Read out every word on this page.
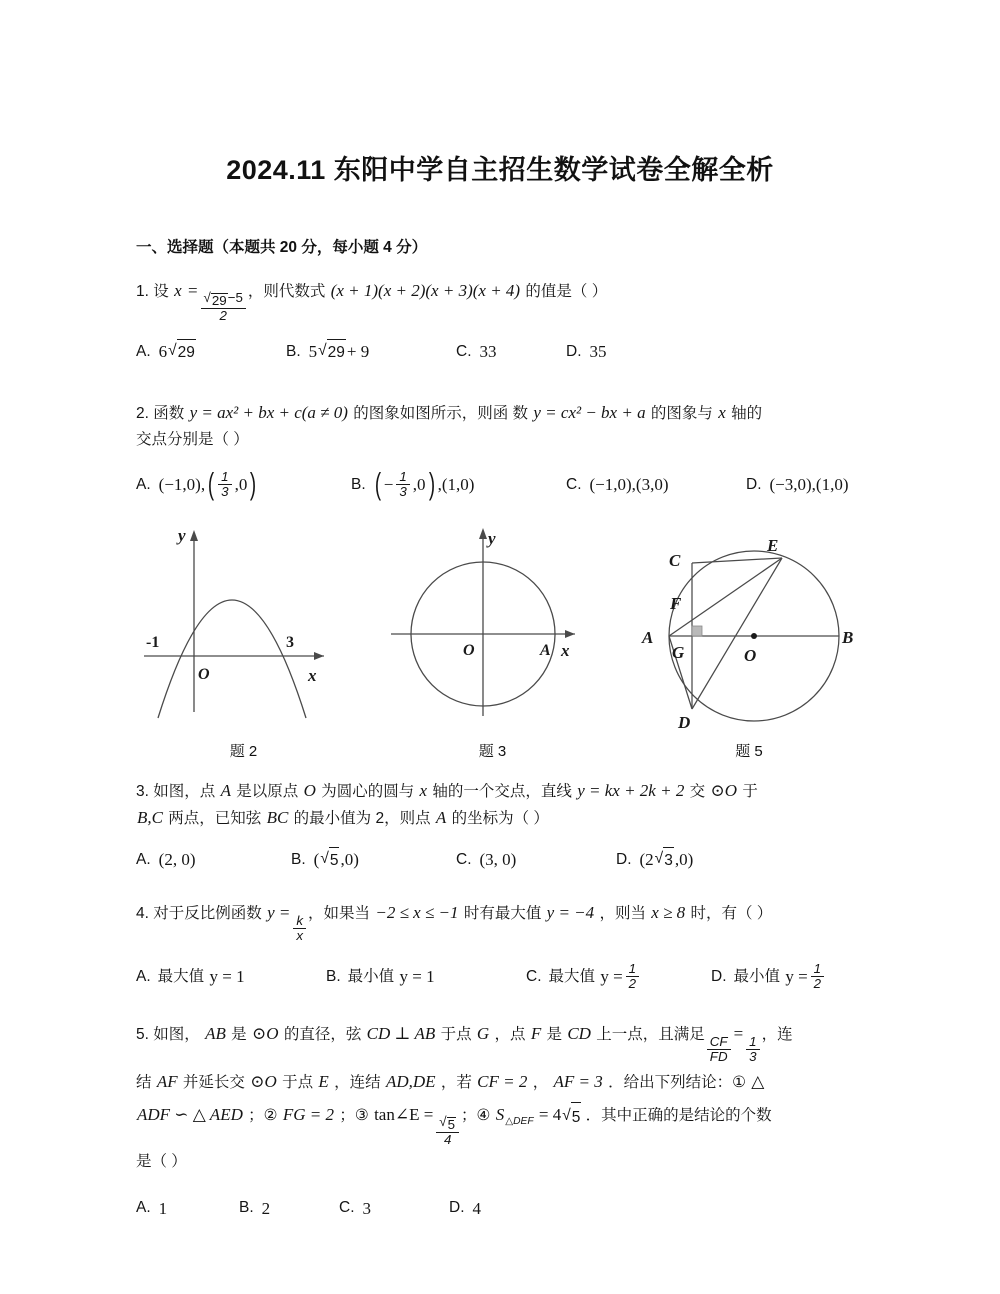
2024.11 东阳中学自主招生数学试卷全解全析
一、选择题（本题共 20 分，每小题 4 分）
1. 设 x =
$\frac{√ 29 -5}{2}$ ，则代数式 (x + 1)(x + 2)(x + 3)(x + 4) 的值是（ ）
A. 6 √ 29	B. 5 √ 29 + 9	C. 33	D. 35
2. 函数 y = ax² + bx + c(a ≠ 0) 的图象如图所示，则函 数 y = cx² − bx + a 的图象与 x 轴的
交点分别是（ ）
A. (−1,0), ( $\frac{1}{3} ,0$ )	B. ( − $\frac{1}{3} ,0$ ) ,(1,0)	C. (−1,0),(3,0)	D. (−3,0),(1,0)
y
x
O
-1	3
题 2
y
x
O	A
题 3
E
C
F
A
G	O
B
D
题 5
3. 如图，点 A 是以原点 O 为圆心的圆与 x 轴的一个交点，直线 y = kx + 2k + 2 交 ⊙O 于
B,C 两点，已知弦 BC 的最小值为 2，则点 A 的坐标为（ ）
A. (2, 0)	B. ( √ 5 ,0)	C. (3, 0)	D. (2 √ 3 ,0)
4. 对于反比例函数 y =
$\frac{k}{x}$ ，如果当 −2 ≤ x ≤ −1 时有最大值 y = −4 ，则当 x ≥ 8 时，有（ ）
A. 最大值
y = 1	B. 最小值
y = 1	C. 最大值
$y = \frac{1}{2}$	D. 最小值
$y = \frac{1}{2}$
5. 如图， AB 是 ⊙O 的直径，弦 CD ⊥ AB 于点 G ，点 F 是 CD 上一点，且满足 $\frac{CF}{FD}$
=
$\frac{1}{3}$ ，连
结 AF 并延长交 ⊙O 于点 E ，连结 AD,DE ，若 CF = 2 ， AF = 3 ．给出下列结论：① △
ADF ∽ △ AED ；② FG = 2 ；③ tan∠E =
$\frac{√ 5}{4}$ ；④ $S_{\triangle DEF} = 4$ √ 5 ．其中正确的是结论的个数
是（ ）
A. 1	B. 2	C. 3	D. 4
